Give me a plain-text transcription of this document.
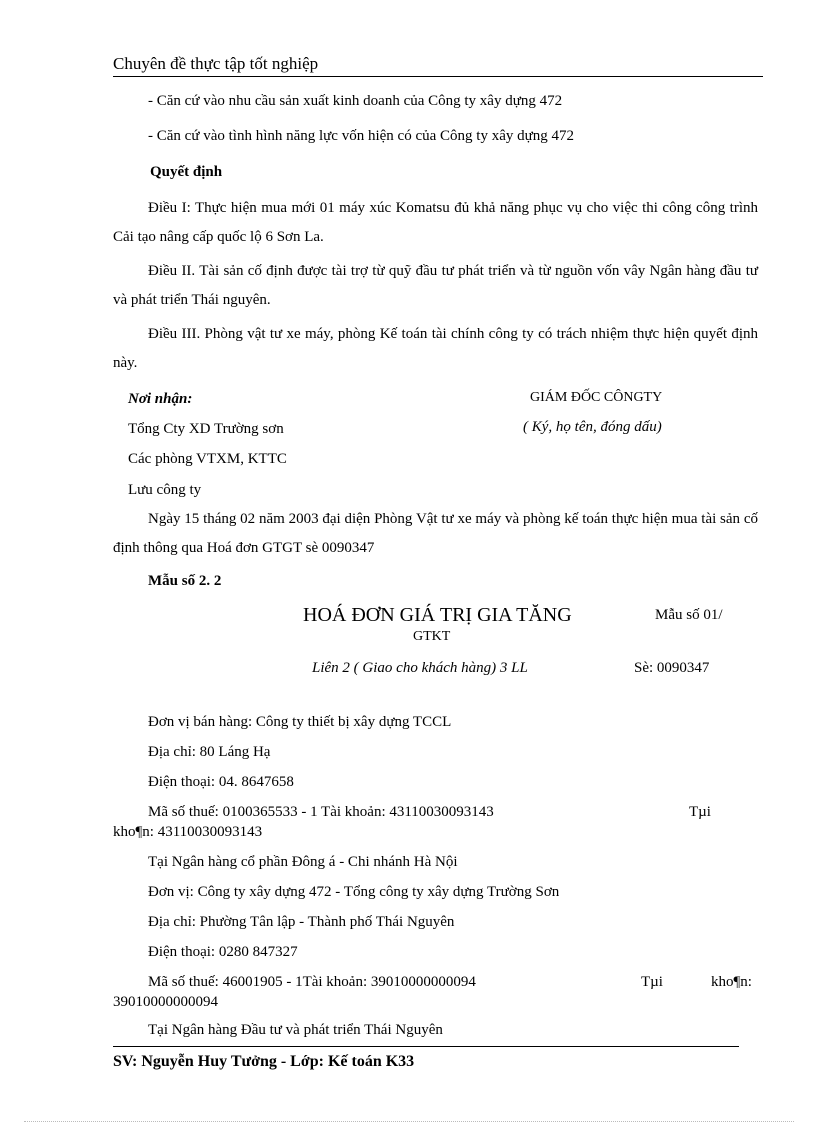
Chuyên đề thực tập tốt nghiệp
- Căn cứ vào nhu cầu sản xuất kinh doanh của Công ty xây dựng 472
- Căn cứ vào tình hình năng lực vốn hiện có của Công ty xây dựng 472
Quyết định
Điều I: Thực hiện mua mới 01 máy xúc Komatsu đủ khả năng phục vụ cho việc thi công công trình Cải tạo nâng cấp quốc lộ 6 Sơn La.
Điều II. Tài sản cố định được tài trợ từ quỹ đầu tư phát triển và từ nguồn vốn vây Ngân hàng đầu tư và phát triển Thái nguyên.
Điều III. Phòng vật tư xe máy, phòng Kế toán tài chính công ty có trách nhiệm thực hiện quyết định này.
Nơi nhận:
Tổng Cty XD Trường sơn
Các phòng VTXM, KTTC
Lưu công ty
GIÁM ĐỐC CÔNGTY
( Ký, họ tên, đóng dấu)
Ngày 15 tháng 02 năm 2003 đại diện Phòng Vật tư xe máy và phòng kế toán thực hiện mua tài sản cố định thông qua Hoá đơn GTGT sè 0090347
Mẫu số 2. 2
HOÁ ĐƠN GIÁ TRỊ GIA TĂNG	Mẫu số 01/
GTKT
Liên 2 ( Giao cho khách hàng) 3 LL	Sè: 0090347
Đơn vị bán hàng: Công ty thiết bị xây dựng TCCL
Địa chỉ: 80 Láng Hạ
Điện thoại: 04. 8647658
Mã số thuế: 0100365533 - 1 Tài khoản: 43110030093143	Tµi
kho¶n: 43110030093143
Tại Ngân hàng cổ phần Đông á - Chi nhánh Hà Nội
Đơn vị: Công ty xây dựng 472 - Tổng công ty xây dựng Trường Sơn
Địa chỉ: Phường Tân lập - Thành phố Thái Nguyên
Điện thoại: 0280 847327
Mã số thuế: 46001905 - 1Tài khoản: 39010000000094	Tµi	kho¶n:
39010000000094
Tại Ngân hàng Đầu tư và phát triển Thái Nguyên
SV: Nguyễn Huy Tưởng - Lớp: Kế toán K33
